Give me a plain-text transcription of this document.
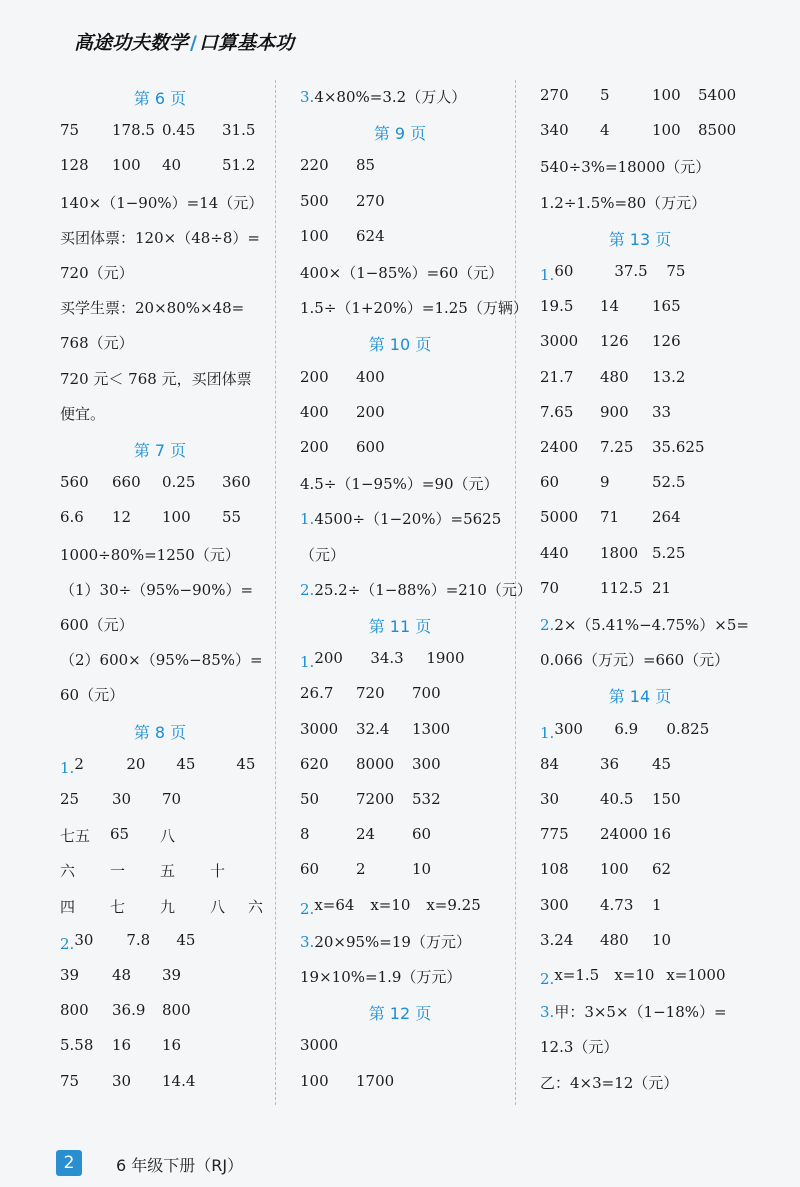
高途功夫数学 / 口算基本功
第 6 页
75 178.5 0.45 31.5
128 100 40	51.2
140×（1−90%）=14（元）
买团体票：120×（48÷8）=
720（元）
买学生票：20×80%×48=
768（元）
720 元＜ 768 元，买团体票
便宜。
第 7 页
560 660 0.25 360
6.6 12 100 55
1000÷80%=1250（元）
（1）30÷（95%−90%）=
600（元）
（2）600×（95%−85%）=
60（元）
第 8 页
1. 2	20 45	45
25 30 70
七五 65 八
六 一 五 十
四 七 九 八 六
2. 30 7.8 45
39 48 39
800 36.9 800
5.58 16 16
75 30 14.4
3.4×80%=3.2（万人）
第 9 页
220 85
500 270
100 624
400×（1−85%）=60（元）
1.5÷（1+20%）=1.25（万辆）
第 10 页
200 400
400 200
200 600
4.5÷（1−95%）=90（元）
1.4500÷（1−20%）=5625
（元）
2.25.2÷（1−88%）=210（元）
第 11 页
1. 200 34.3 1900
26.7 720 700
3000 32.4 1300
620 8000 300
50 7200 532
8	24 60
60 2	10
2. x=64 x=10 x=9.25
3.20×95%=19（万元）
19×10%=1.9（万元）
第 12 页
3000
100 1700
270 5	100 5400
340 4	100 8500
540÷3%=18000（元）
1.2÷1.5%=80（万元）
第 13 页
1. 60	37.5 75
19.5 14 165
3000 126 126
21.7 480 13.2
7.65 900 33
2400 7.25 35.625
60	9	52.5
5000 71 264
440 1800 5.25
70	112.5 21
2.2×（5.41%−4.75%）×5=
0.066（万元）=660（元）
第 14 页
1. 300 6.9 0.825
84	36 45
30	40.5 150
775 24000 16
108 100 62
300 4.73 1
3.24 480 10
2. x=1.5 x=10 x=1000
3.甲：3×5×（1−18%）=
12.3（元）
乙：4×3=12（元）
2	6 年级下册（RJ）
